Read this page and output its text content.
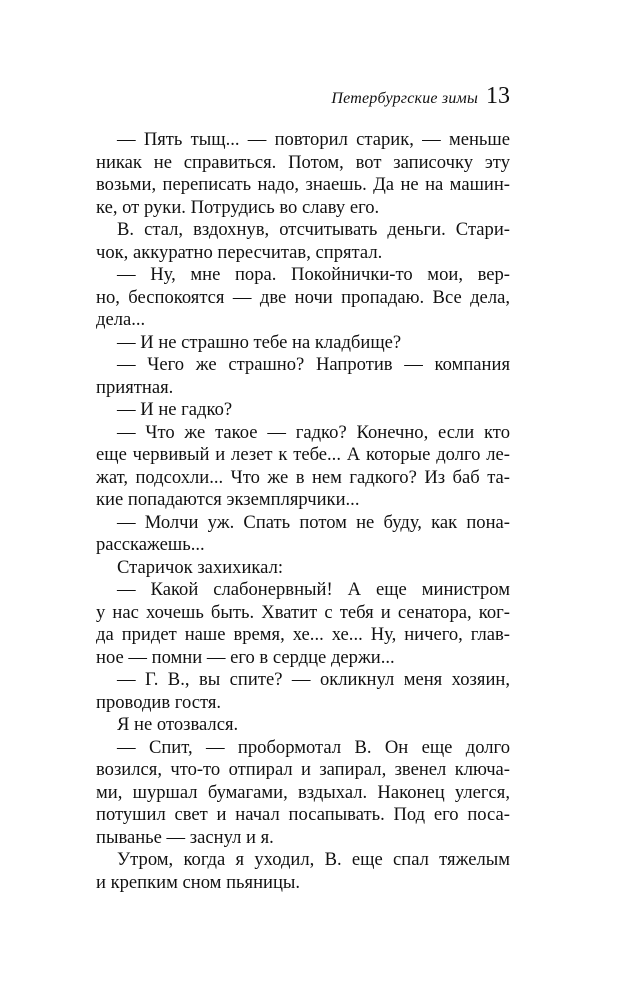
Петербургские зимы 13
— Пять тыщ... — повторил старик, — меньше
никак не справиться. Потом, вот записочку эту
возьми, переписать надо, знаешь. Да не на машин-
ке, от руки. Потрудись во славу его.
В. стал, вздохнув, отсчитывать деньги. Стари-
чок, аккуратно пересчитав, спрятал.
— Ну, мне пора. Покойнички-то мои, вер-
но, беспокоятся — две ночи пропадаю. Все дела,
дела...
— И не страшно тебе на кладбище?
— Чего же страшно? Напротив — компания
приятная.
— И не гадко?
— Что же такое — гадко? Конечно, если кто
еще червивый и лезет к тебе... А которые долго ле-
жат, подсохли... Что же в нем гадкого? Из баб та-
кие попадаются экземплярчики...
— Молчи уж. Спать потом не буду, как пона-
расскажешь...
Старичок захихикал:
— Какой слабонервный! А еще министром
у нас хочешь быть. Хватит с тебя и сенатора, ког-
да придет наше время, хе... хе... Ну, ничего, глав-
ное — помни — его в сердце держи...
— Г. В., вы спите? — окликнул меня хозяин,
проводив гостя.
Я не отозвался.
— Спит, — пробормотал В. Он еще долго
возился, что-то отпирал и запирал, звенел ключа-
ми, шуршал бумагами, вздыхал. Наконец улегся,
потушил свет и начал посапывать. Под его поса-
пыванье — заснул и я.
Утром, когда я уходил, В. еще спал тяжелым
и крепким сном пьяницы.
